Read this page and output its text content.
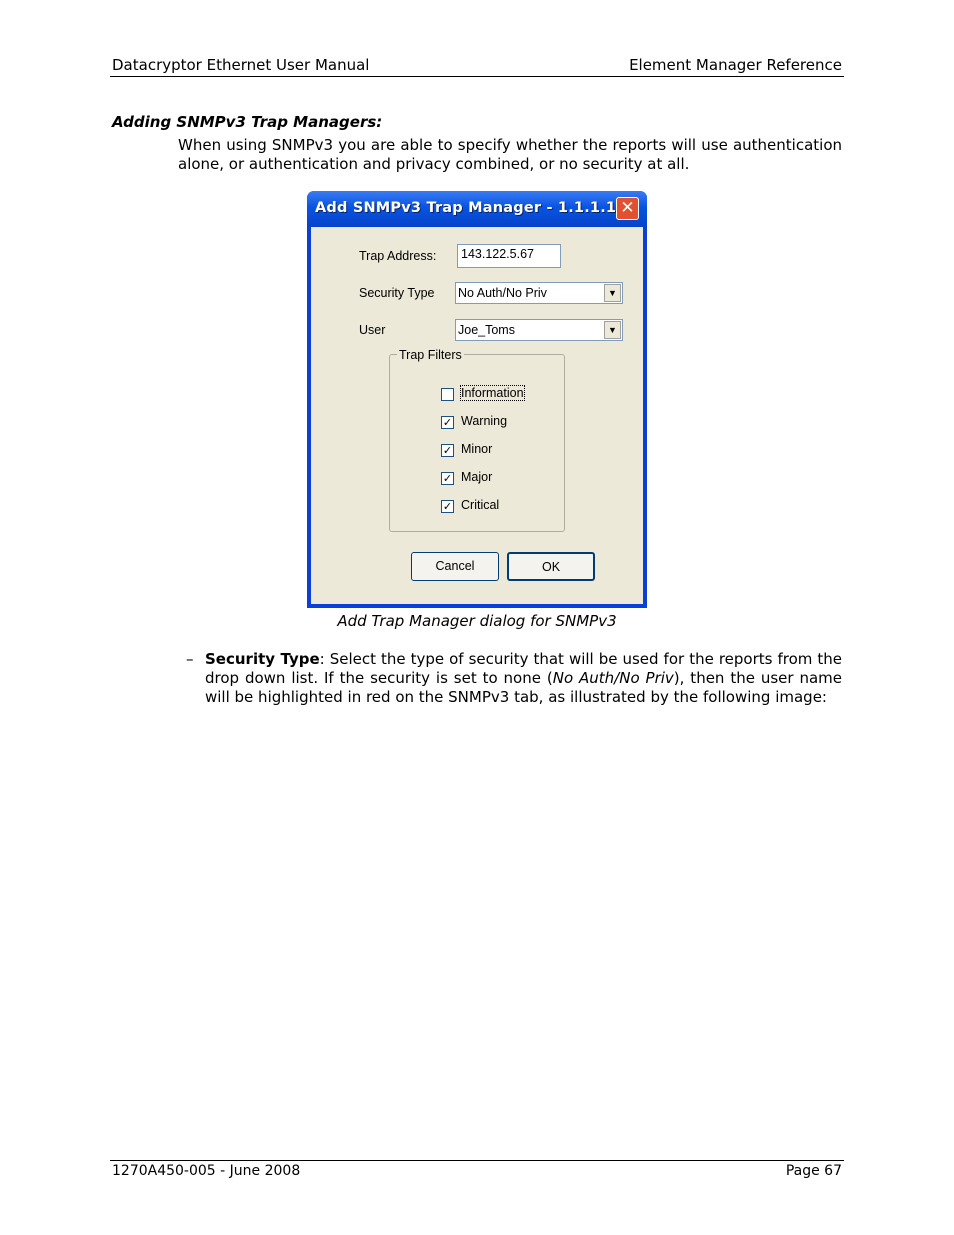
Datacryptor Ethernet User Manual	Element Manager Reference
Adding SNMPv3 Trap Managers:
When using SNMPv3 you are able to specify whether the reports will use authentication alone, or authentication and privacy combined, or no security at all.
Add SNMPv3 Trap Manager - 1.1.1.1 ✕
Trap Address:	143.122.5.67
Security Type No Auth/No Priv	▼
User	Joe_Toms	▼
Trap Filters
Information
✓ Warning
✓ Minor
✓ Major
✓ Critical
Cancel	OK
Add Trap Manager dialog for SNMPv3
– Security Type: Select the type of security that will be used for the reports from the drop down list. If the security is set to none (No Auth/No Priv), then the user name will be highlighted in red on the SNMPv3 tab, as illustrated by the following image:
1270A450-005 - June 2008	Page 67
